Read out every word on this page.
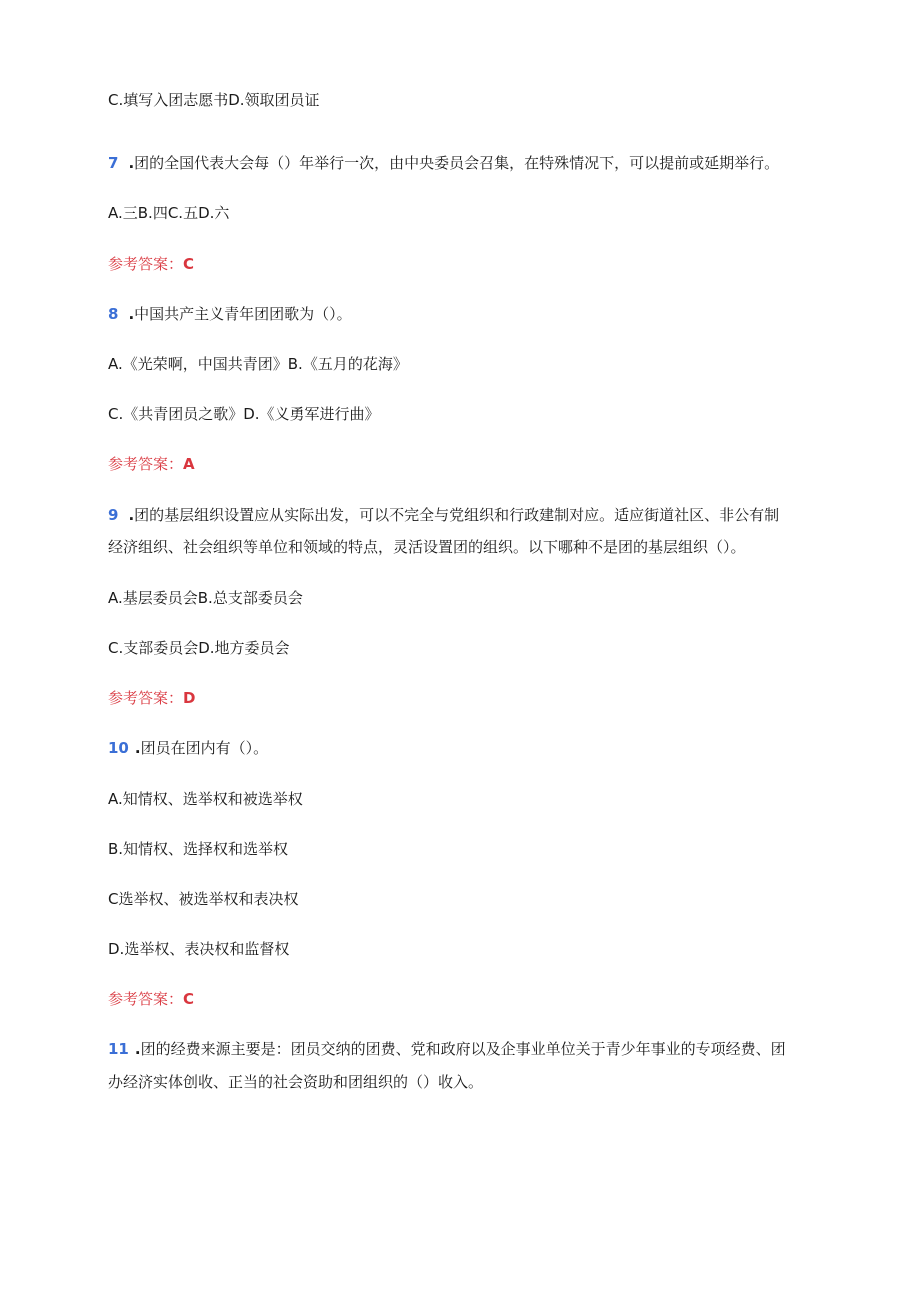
C.填写入团志愿书D.领取团员证
7 .团的全国代表大会每（）年举行一次，由中央委员会召集，在特殊情况下，可以提前或延期举行。
A.三B.四C.五D.六
参考答案：C
8 .中国共产主义青年团团歌为（）。
A.《光荣啊，中国共青团》B.《五月的花海》
C.《共青团员之歌》D.《义勇军进行曲》
参考答案：A
9 .团的基层组织设置应从实际出发，可以不完全与党组织和行政建制对应。适应街道社区、非公有制
经济组织、社会组织等单位和领域的特点，灵活设置团的组织。以下哪种不是团的基层组织（）。
A.基层委员会B.总支部委员会
C.支部委员会D.地方委员会
参考答案：D
10 .团员在团内有（）。
A.知情权、选举权和被选举权
B.知情权、选择权和选举权
C选举权、被选举权和表决权
D.选举权、表决权和监督权
参考答案：C
11 .团的经费来源主要是：团员交纳的团费、党和政府以及企事业单位关于青少年事业的专项经费、团
办经济实体创收、正当的社会资助和团组织的（）收入。
